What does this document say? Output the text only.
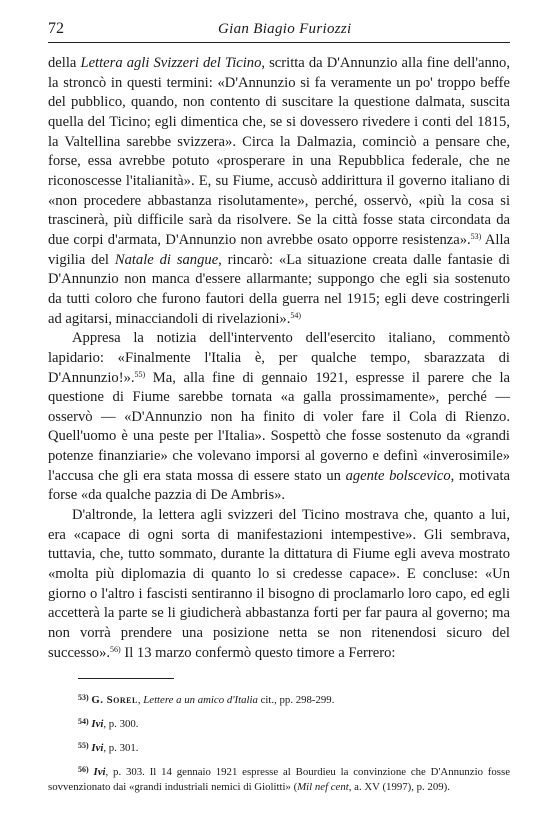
72	Gian Biagio Furiozzi

della Lettera agli Svizzeri del Ticino, scritta da D'Annunzio alla fine dell'anno, la stroncò in questi termini: «D'Annunzio si fa veramente un po' troppo beffe del pubblico, quando, non contento di suscitare la questione dalmata, suscita quella del Ticino; egli dimentica che, se si dovessero rivedere i conti del 1815, la Valtellina sarebbe svizzera». Circa la Dalmazia, cominciò a pensare che, forse, essa avrebbe potuto «prosperare in una Repubblica federale, che ne riconoscesse l'italianità». E, su Fiume, accusò addirittura il governo italiano di «non procedere abbastanza risolutamente», perché, osservò, «più la cosa si trascinerà, più difficile sarà da risolvere. Se la città fosse stata circondata da due corpi d'armata, D'Annunzio non avrebbe osato opporre resistenza».$^{53)}$ Alla vigilia del Natale di sangue, rincarò: «La situazione creata dalle fantasie di D'Annunzio non manca d'essere allarmante; suppongo che egli sia sostenuto da tutti coloro che furono fautori della guerra nel 1915; egli deve costringerli ad agitarsi, minacciandoli di rivelazioni».$^{54)}$

Appresa la notizia dell'intervento dell'esercito italiano, commentò lapidario: «Finalmente l'Italia è, per qualche tempo, sbarazzata di D'Annunzio!».$^{55)}$ Ma, alla fine di gennaio 1921, espresse il parere che la questione di Fiume sarebbe tornata «a galla prossimamente», perché — osservò — «D'Annunzio non ha finito di voler fare il Cola di Rienzo. Quell'uomo è una peste per l'Italia». Sospettò che fosse sostenuto da «grandi potenze finanziarie» che volevano imporsi al governo e definì «inverosimile» l'accusa che gli era stata mossa di essere stato un agente bolscevico, motivata forse «da qualche pazzia di De Ambris».

D'altronde, la lettera agli svizzeri del Ticino mostrava che, quanto a lui, era «capace di ogni sorta di manifestazioni intempestive». Gli sembrava, tuttavia, che, tutto sommato, durante la dittatura di Fiume egli aveva mostrato «molta più diplomazia di quanto lo si credesse capace». E concluse: «Un giorno o l'altro i fascisti sentiranno il bisogno di proclamarlo loro capo, ed egli accetterà la parte se li giudicherà abbastanza forti per far paura al governo; ma non vorrà prendere una posizione netta se non ritenendosi sicuro del successo».$^{56)}$ Il 13 marzo confermò questo timore a Ferrero:

$^{53)}$ G. Sorel, Lettere a un amico d'Italia cit., pp. 298-299.

$^{54)}$ Ivi, p. 300.

$^{55)}$ Ivi, p. 301.

$^{56)}$ Ivi, p. 303. Il 14 gennaio 1921 espresse al Bourdieu la convinzione che D'Annunzio fosse sovvenzionato dai «grandi industriali nemici di Giolitti» (Mil nef cent, a. XV (1997), p. 209).
